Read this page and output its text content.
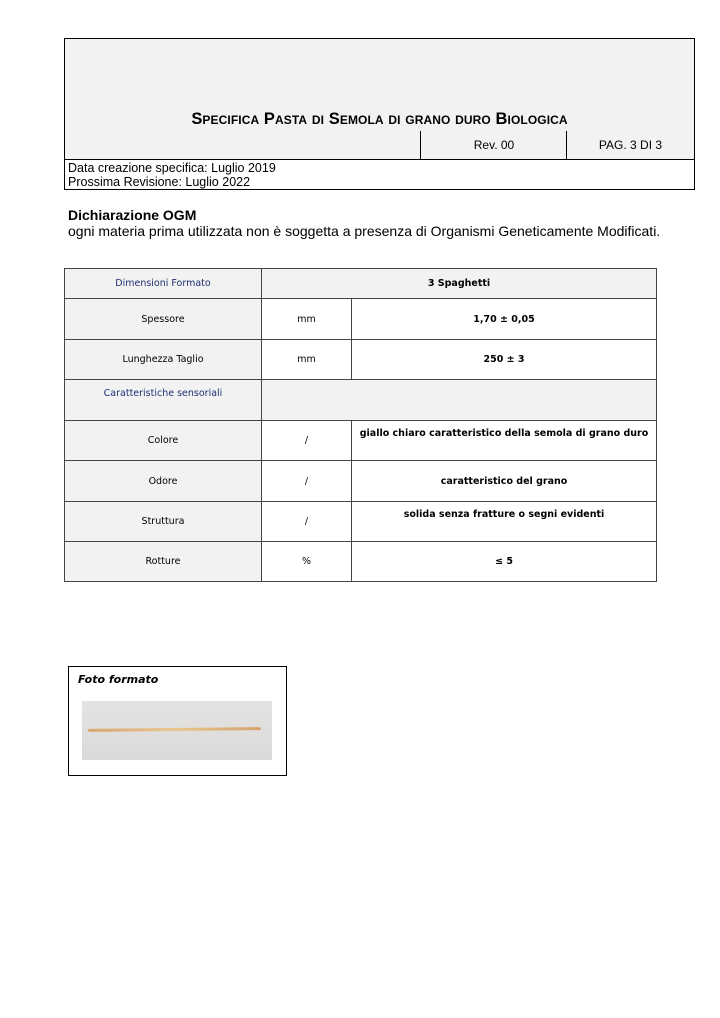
Specifica Pasta di Semola di grano duro Biologica
Rev. 00	PAG. 3 DI 3
Data creazione specifica: Luglio 2019
Prossima Revisione: Luglio 2022
Dichiarazione OGM
ogni materia prima utilizzata non è soggetta a presenza di Organismi Geneticamente Modificati.
Dimensioni Formato	3 Spaghetti	
Spessore	mm	1,70 ± 0,05
Lunghezza Taglio	mm	250 ± 3
Caratteristiche sensoriali		
Colore	/	giallo chiaro caratteristico della semola di grano duro
Odore	/	caratteristico del grano
Struttura	/	solida senza fratture o segni evidenti
Rotture	%	≤ 5
Foto formato
